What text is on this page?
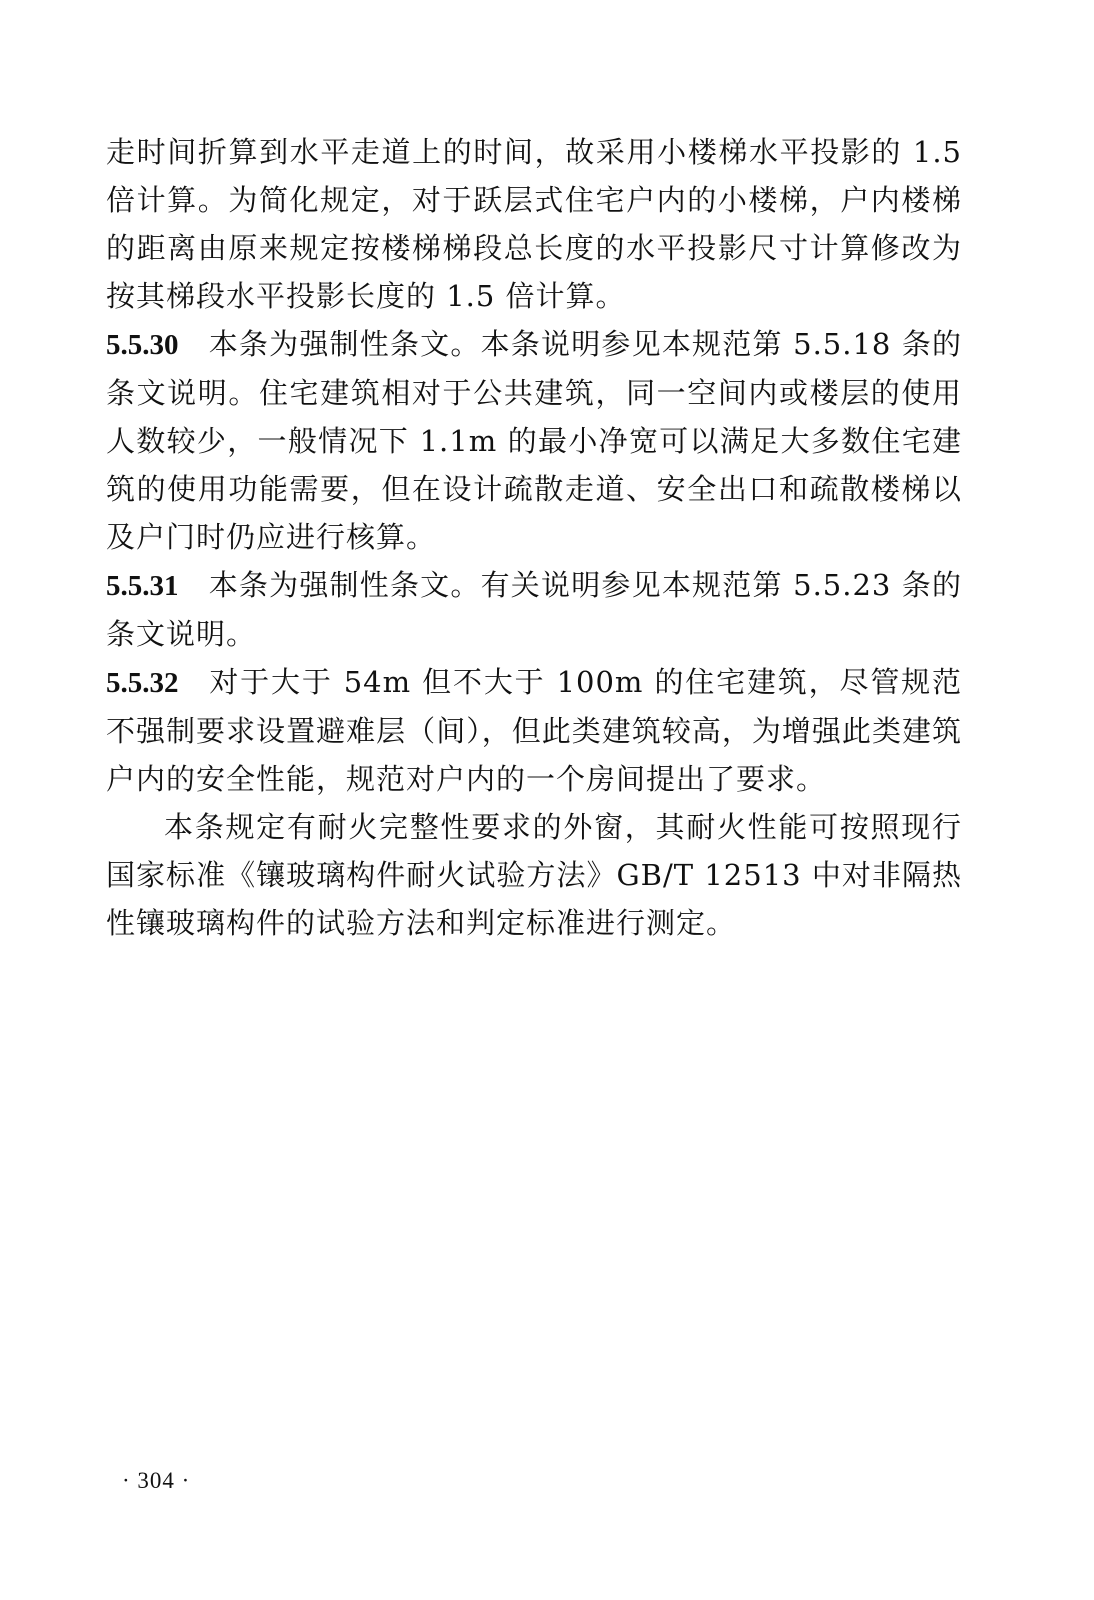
走时间折算到水平走道上的时间，故采用小楼梯水平投影的 1.5 倍计算。为简化规定，对于跃层式住宅户内的小楼梯，户内楼梯的距离由原来规定按楼梯梯段总长度的水平投影尺寸计算修改为按其梯段水平投影长度的 1.5 倍计算。

5.5.30 本条为强制性条文。本条说明参见本规范第 5.5.18 条的条文说明。住宅建筑相对于公共建筑，同一空间内或楼层的使用人数较少，一般情况下 1.1m 的最小净宽可以满足大多数住宅建筑的使用功能需要，但在设计疏散走道、安全出口和疏散楼梯以及户门时仍应进行核算。

5.5.31 本条为强制性条文。有关说明参见本规范第 5.5.23 条的条文说明。

5.5.32 对于大于 54m 但不大于 100m 的住宅建筑，尽管规范不强制要求设置避难层（间），但此类建筑较高，为增强此类建筑户内的安全性能，规范对户内的一个房间提出了要求。

本条规定有耐火完整性要求的外窗，其耐火性能可按照现行国家标准《镶玻璃构件耐火试验方法》GB/T 12513 中对非隔热性镶玻璃构件的试验方法和判定标准进行测定。

· 304 ·
